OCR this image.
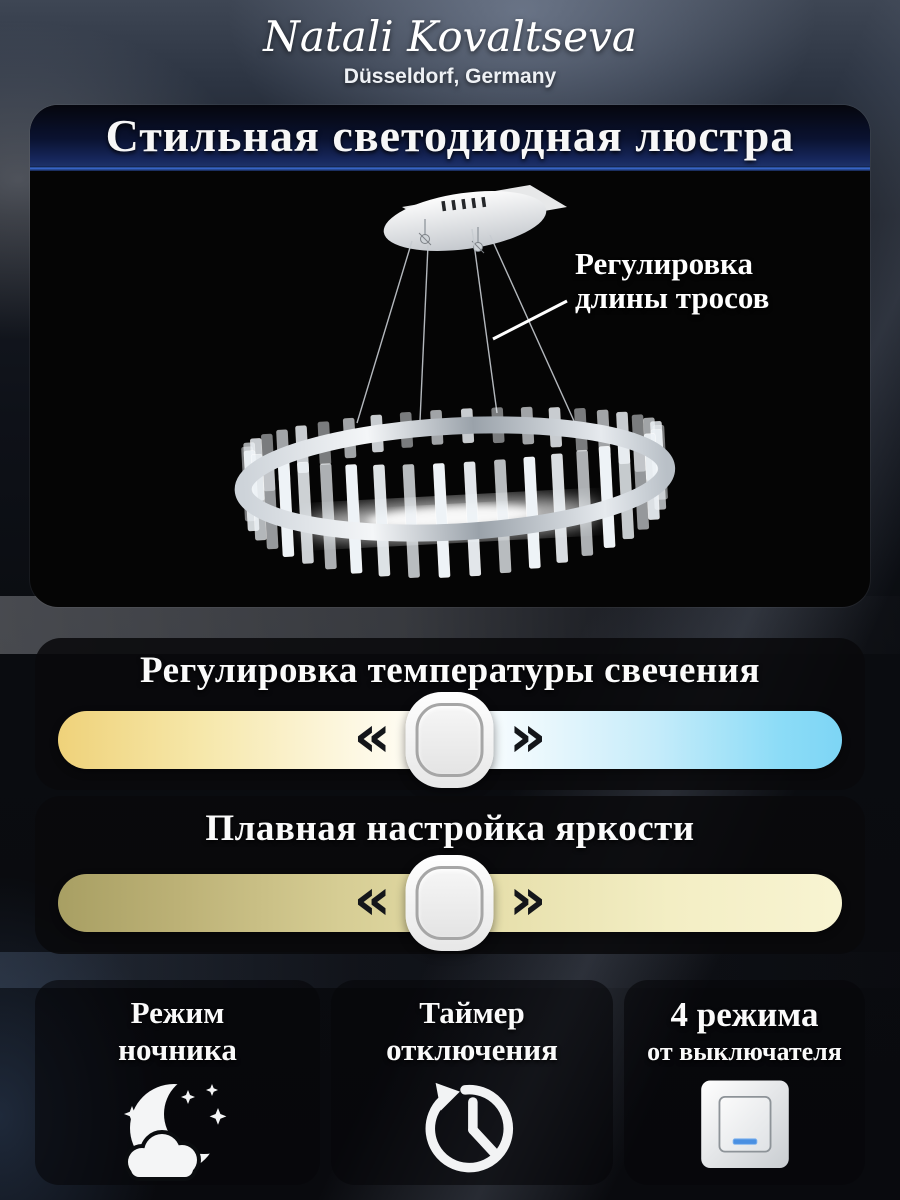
Natali Kovaltseva
Düsseldorf, Germany
Стильная светодиодная люстра
Регулировка
длины тросов
Регулировка температуры свечения
« »
Плавная настройка яркости
« »
Режим
ночника
Таймер
отключения
4 режима
от выключателя
